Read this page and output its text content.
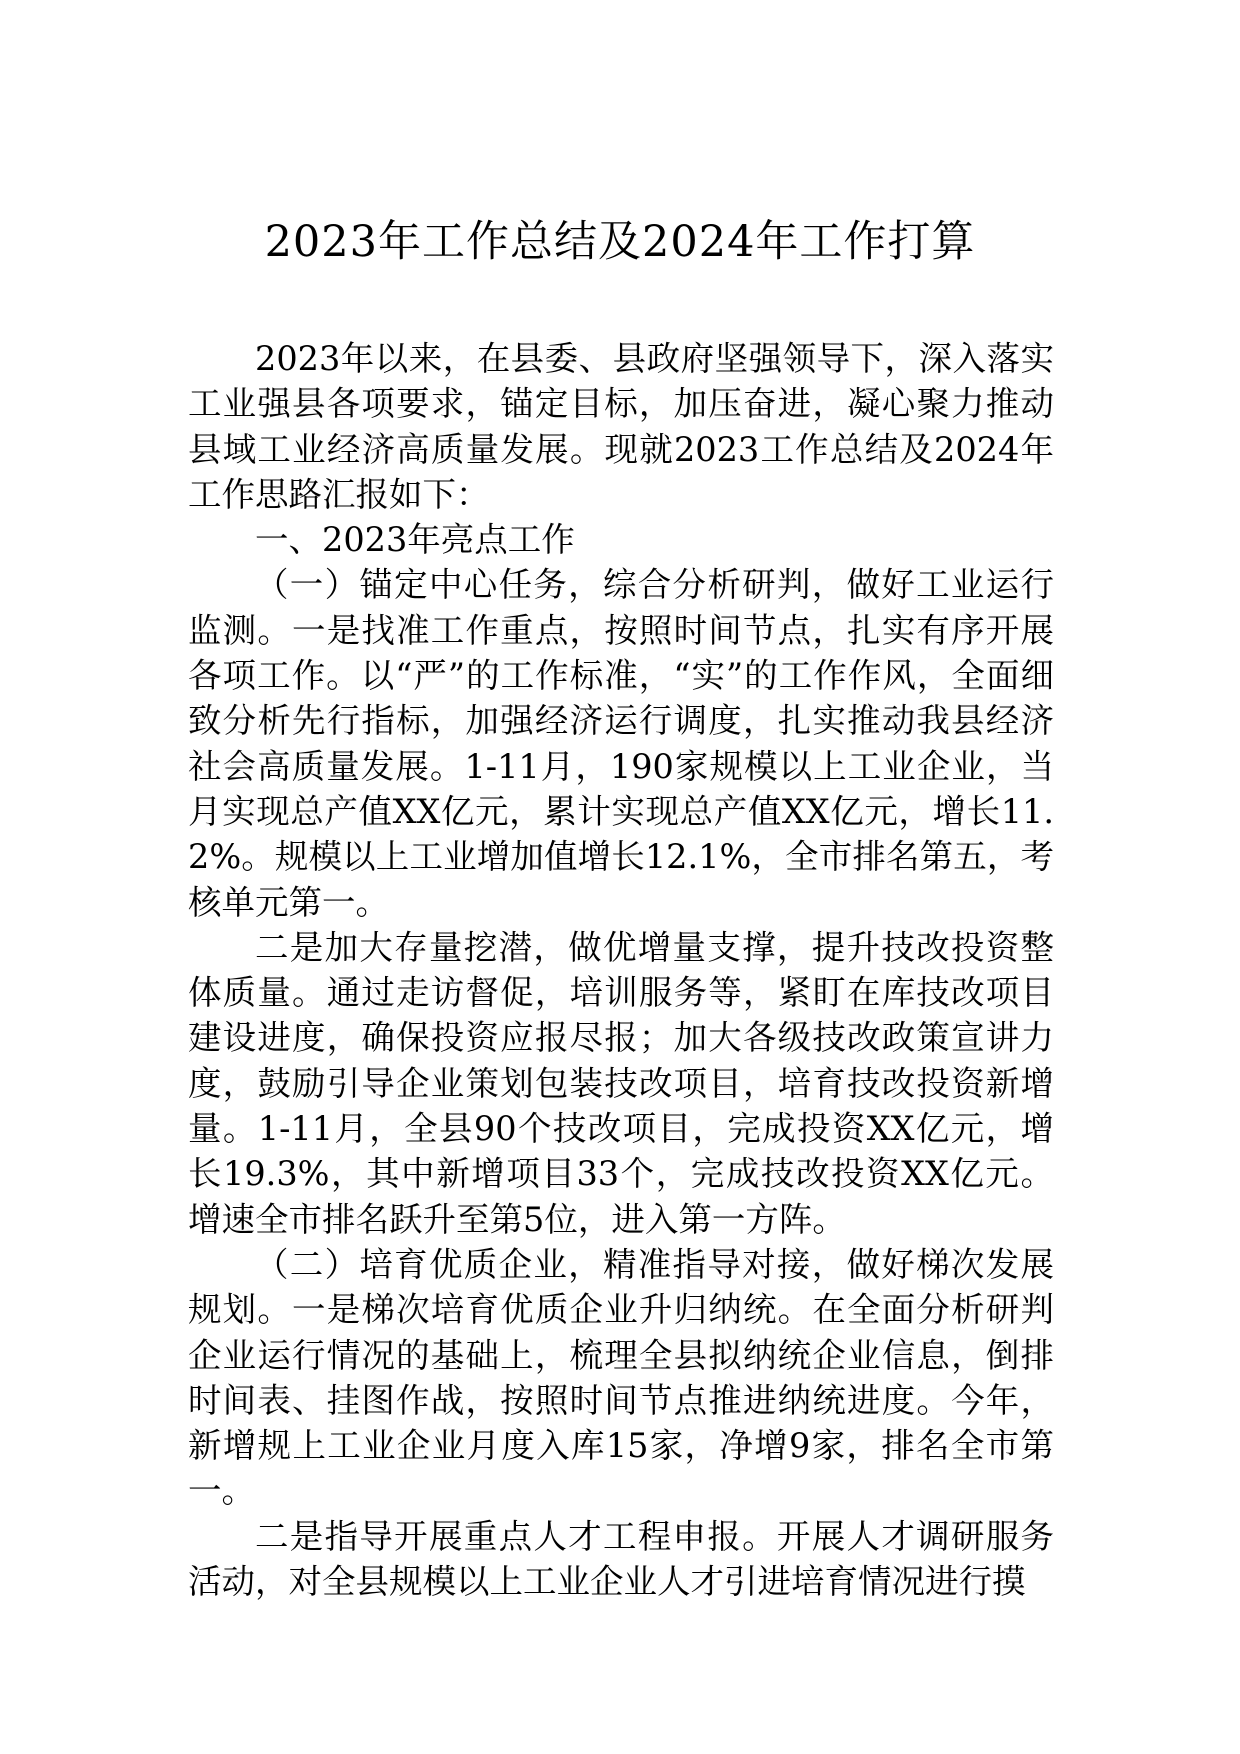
2023年工作总结及2024年工作打算

2023年以来，在县委、县政府坚强领导下，深入落实工业强县各项要求，锚定目标，加压奋进，凝心聚力推动县域工业经济高质量发展。现就2023工作总结及2024年工作思路汇报如下：

一、2023年亮点工作

（一）锚定中心任务，综合分析研判，做好工业运行监测。一是找准工作重点，按照时间节点，扎实有序开展各项工作。以“严”的工作标准，“实”的工作作风，全面细致分析先行指标，加强经济运行调度，扎实推动我县经济社会高质量发展。1-11月，190家规模以上工业企业，当月实现总产值XX亿元，累计实现总产值XX亿元，增长11.2%。规模以上工业增加值增长12.1%，全市排名第五，考核单元第一。

二是加大存量挖潜，做优增量支撑，提升技改投资整体质量。通过走访督促，培训服务等，紧盯在库技改项目建设进度，确保投资应报尽报；加大各级技改政策宣讲力度，鼓励引导企业策划包装技改项目，培育技改投资新增量。1-11月，全县90个技改项目，完成投资XX亿元，增长19.3%，其中新增项目33个，完成技改投资XX亿元。增速全市排名跃升至第5位，进入第一方阵。

（二）培育优质企业，精准指导对接，做好梯次发展规划。一是梯次培育优质企业升归纳统。在全面分析研判企业运行情况的基础上，梳理全县拟纳统企业信息，倒排时间表、挂图作战，按照时间节点推进纳统进度。今年，新增规上工业企业月度入库15家，净增9家，排名全市第一。

二是指导开展重点人才工程申报。开展人才调研服务活动，对全县规模以上工业企业人才引进培育情况进行摸
